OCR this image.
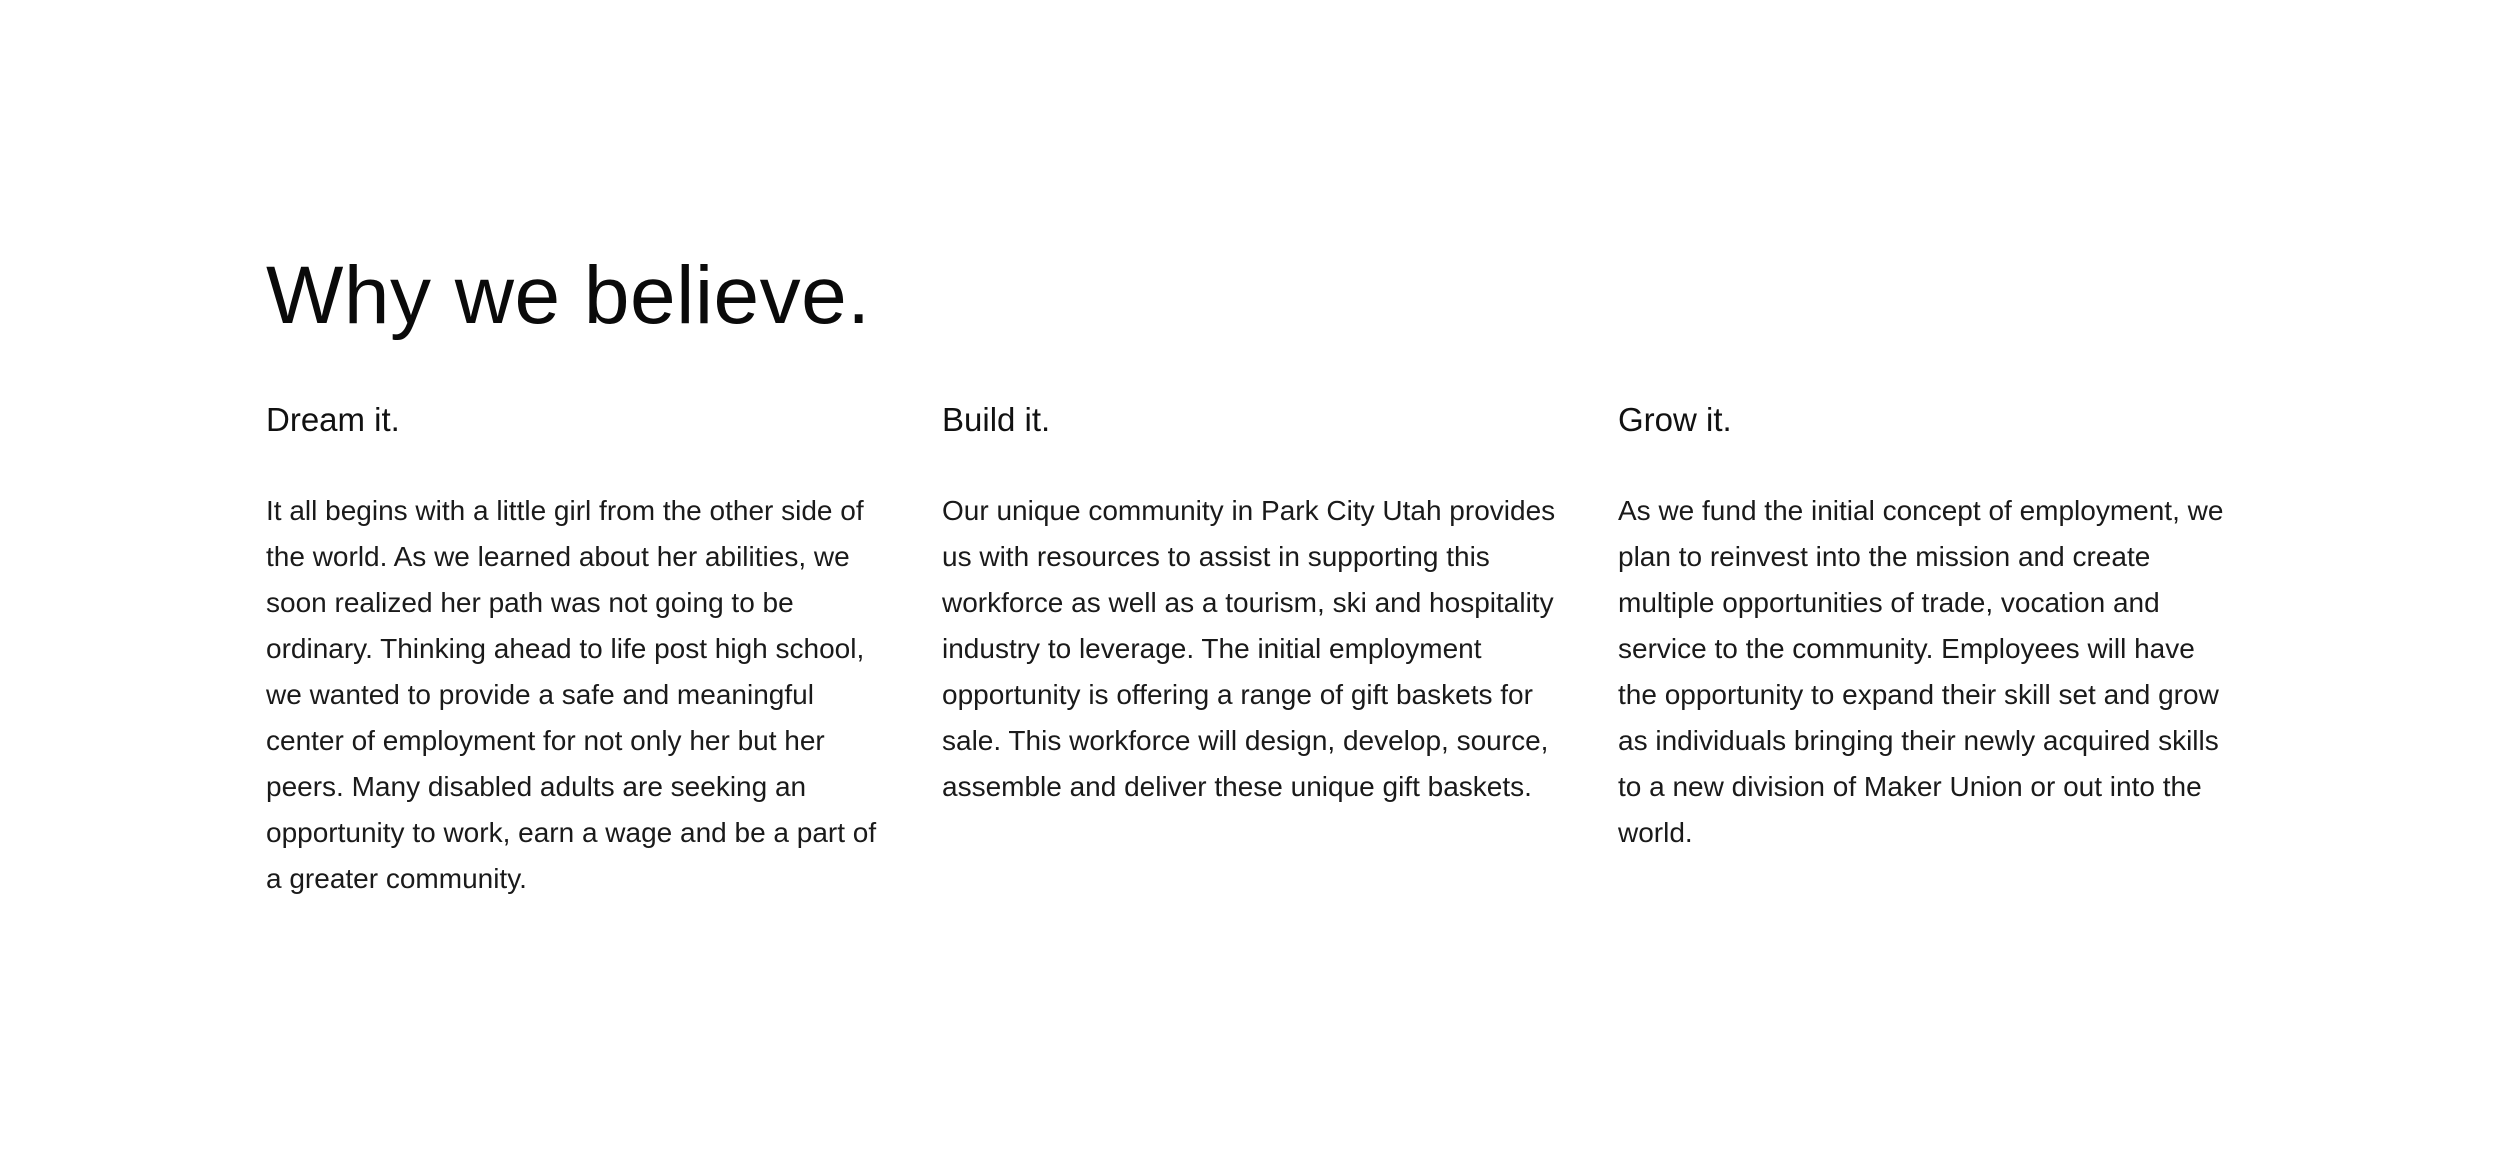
Why we believe.
Dream it.

It all begins with a little girl from the other side of the world. As we learned about her abilities, we soon realized her path was not going to be ordinary. Thinking ahead to life post high school, we wanted to provide a safe and meaningful center of employment for not only her but her peers. Many disabled adults are seeking an opportunity to work, earn a wage and be a part of a greater community.

Build it.

Our unique community in Park City Utah provides us with resources to assist in supporting this workforce as well as a tourism, ski and hospitality industry to leverage. The initial employment opportunity is offering a range of gift baskets for sale. This workforce will design, develop, source, assemble and deliver these unique gift baskets.

Grow it.

As we fund the initial concept of employment, we plan to reinvest into the mission and create multiple opportunities of trade, vocation and service to the community. Employees will have the opportunity to expand their skill set and grow as individuals bringing their newly acquired skills to a new division of Maker Union or out into the world.
